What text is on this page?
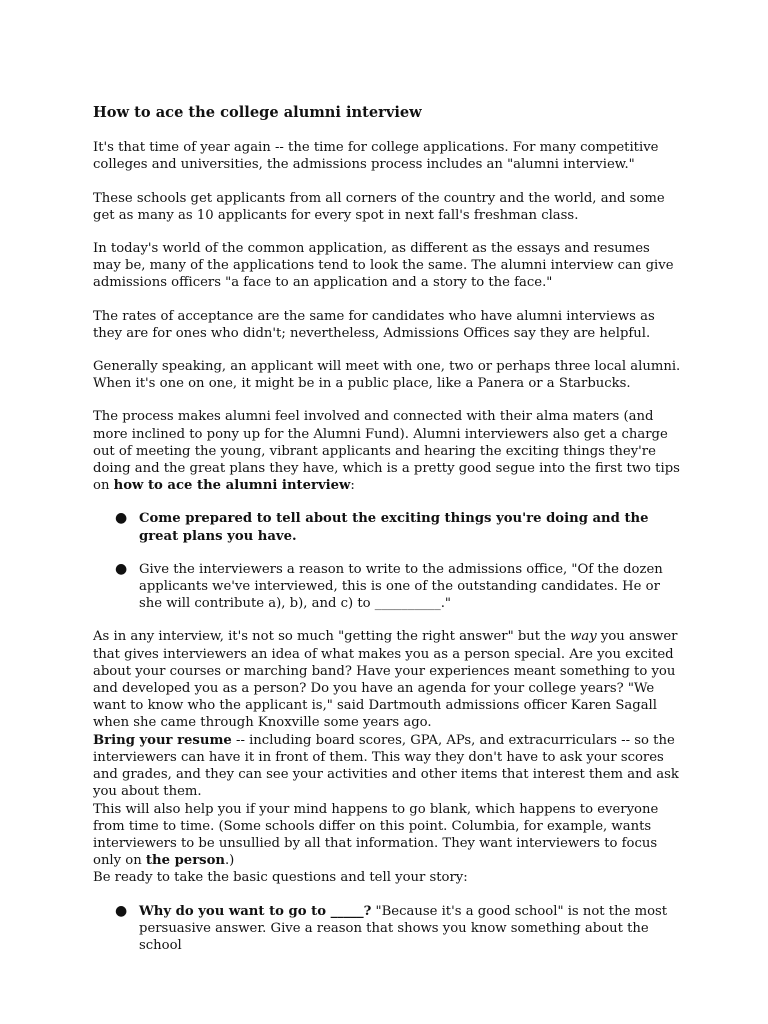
How to ace the college alumni interview

It's that time of year again -- the time for college applications. For many competitive colleges and universities, the admissions process includes an "alumni interview."

These schools get applicants from all corners of the country and the world, and some get as many as 10 applicants for every spot in next fall's freshman class.

In today's world of the common application, as different as the essays and resumes may be, many of the applications tend to look the same. The alumni interview can give admissions officers "a face to an application and a story to the face."

The rates of acceptance are the same for candidates who have alumni interviews as they are for ones who didn't; nevertheless, Admissions Offices say they are helpful.

Generally speaking, an applicant will meet with one, two or perhaps three local alumni. When it's one on one, it might be in a public place, like a Panera or a Starbucks.

The process makes alumni feel involved and connected with their alma maters (and more inclined to pony up for the Alumni Fund). Alumni interviewers also get a charge out of meeting the young, vibrant applicants and hearing the exciting things they're doing and the great plans they have, which is a pretty good segue into the first two tips on how to ace the alumni interview:

● Come prepared to tell about the exciting things you're doing and the great plans you have.
● Give the interviewers a reason to write to the admissions office, "Of the dozen applicants we've interviewed, this is one of the outstanding candidates. He or she will contribute a), b), and c) to __________."

As in any interview, it's not so much "getting the right answer" but the way you answer that gives interviewers an idea of what makes you as a person special. Are you excited about your courses or marching band? Have your experiences meant something to you and developed you as a person? Do you have an agenda for your college years? "We want to know who the applicant is," said Dartmouth admissions officer Karen Sagall when she came through Knoxville some years ago.

Bring your resume -- including board scores, GPA, APs, and extracurriculars -- so the interviewers can have it in front of them. This way they don't have to ask your scores and grades, and they can see your activities and other items that interest them and ask you about them.

This will also help you if your mind happens to go blank, which happens to everyone from time to time. (Some schools differ on this point. Columbia, for example, wants interviewers to be unsullied by all that information. They want interviewers to focus only on the person.)

Be ready to take the basic questions and tell your story:

● Why do you want to go to _____? "Because it's a good school" is not the most persuasive answer. Give a reason that shows you know something about the school
